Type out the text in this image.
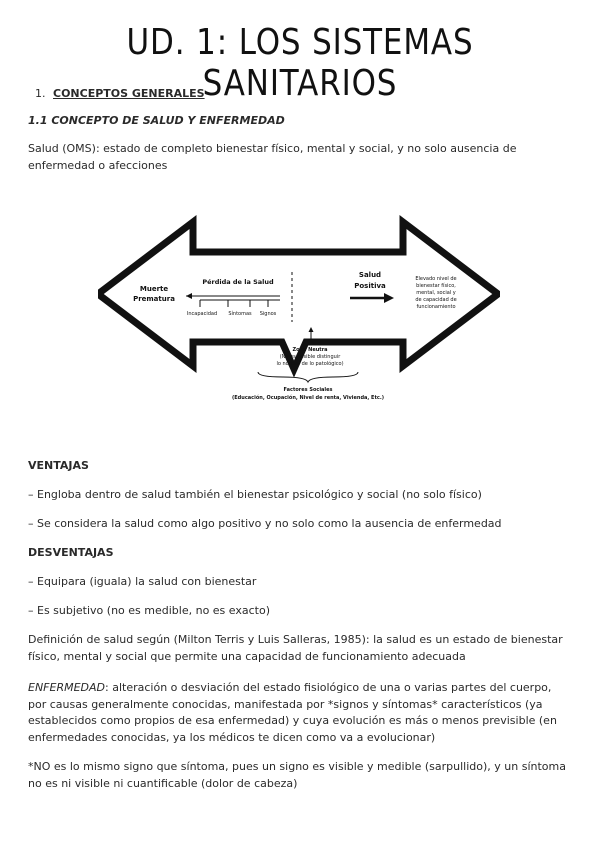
UD. 1: LOS SISTEMAS SANITARIOS
1. CONCEPTOS GENERALES
1.1 CONCEPTO DE SALUD Y ENFERMEDAD
Salud (OMS): estado de completo bienestar físico, mental y social, y no solo ausencia de enfermedad o afecciones
Muerte
Prematura
Pérdida de la Salud
Incapacidad Síntomas Signos
Salud
Positiva
Elevado nivel de
bienestar físico,
mental, social y
de capacidad de
funcionamiento
Zona Neutra
(No es posible distinguir
lo normal de lo patológico)
Factores Sociales
(Educación, Ocupación, Nivel de renta, Vivienda, Etc.)
VENTAJAS
– Engloba dentro de salud también el bienestar psicológico y social (no solo físico)
– Se considera la salud como algo positivo y no solo como la ausencia de enfermedad
DESVENTAJAS
– Equipara (iguala) la salud con bienestar
– Es subjetivo (no es medible, no es exacto)
Definición de salud según (Milton Terris y Luis Salleras, 1985): la salud es un estado de bienestar físico, mental y social que permite una capacidad de funcionamiento adecuada
ENFERMEDAD: alteración o desviación del estado fisiológico de una o varias partes del cuerpo, por causas generalmente conocidas, manifestada por *signos y síntomas* característicos (ya establecidos como propios de esa enfermedad) y cuya evolución es más o menos previsible (en enfermedades conocidas, ya los médicos te dicen como va a evolucionar)
*NO es lo mismo signo que síntoma, pues un signo es visible y medible (sarpullido), y un síntoma no es ni visible ni cuantificable (dolor de cabeza)
